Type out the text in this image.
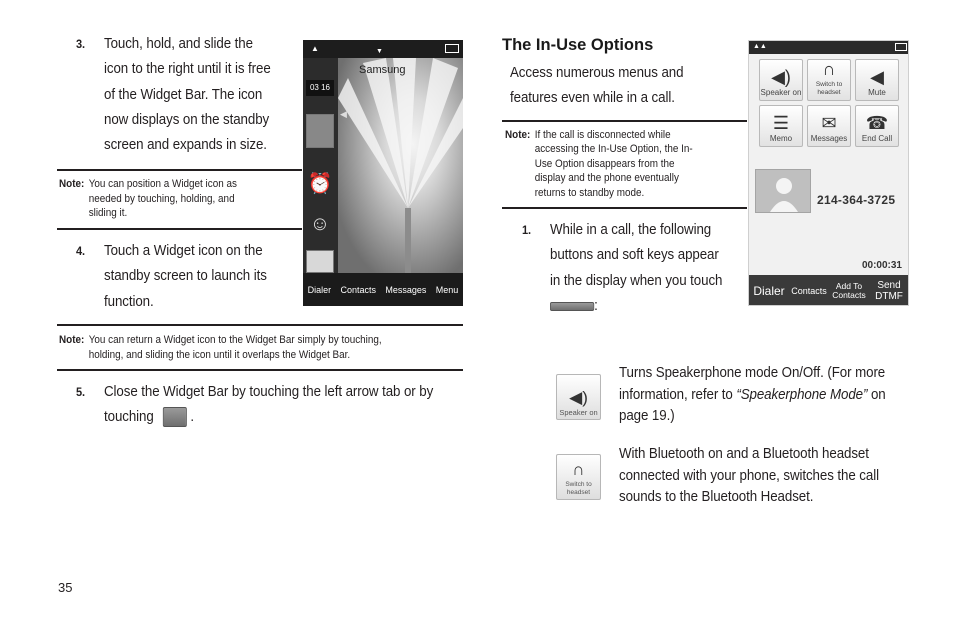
3. Touch, hold, and slide the
icon to the right until it is free
of the Widget Bar. The icon
now displays on the standby
screen and expands in size.
Note: You can position a Widget icon as
needed by touching, holding, and
sliding it.
4. Touch a Widget icon on the
standby screen to launch its
function.
Note: You can return a Widget icon to the Widget Bar simply by touching,
holding, and sliding the icon until it overlaps the Widget Bar.
5. Close the Widget Bar by touching the left arrow tab or by
touching	.
35
▲	▼
Samsung
03 16
⏰
☺
◀
Dialer Contacts Messages Menu
The In-Use Options
Access numerous menus and
features even while in a call.
Note: If the call is disconnected while
accessing the In-Use Option, the In-
Use Option disappears from the
display and the phone eventually
returns to standby mode.
1. While in a call, the following
buttons and soft keys appear
in the display when you touch
:
▲▲
◀)
Speaker on
∩
Switch to headset
◀
Mute
☰
Memo
✉
Messages
☎
End Call
214-364-3725
00:00:31
Dialer Contacts	Add To Contacts
Send DTMF
◀)
Speaker on
Turns Speakerphone mode On/Off. (For more
information, refer to “Speakerphone Mode” on
page 19.)
∩
Switch to headset
With Bluetooth on and a Bluetooth headset
connected with your phone, switches the call
sounds to the Bluetooth Headset.
